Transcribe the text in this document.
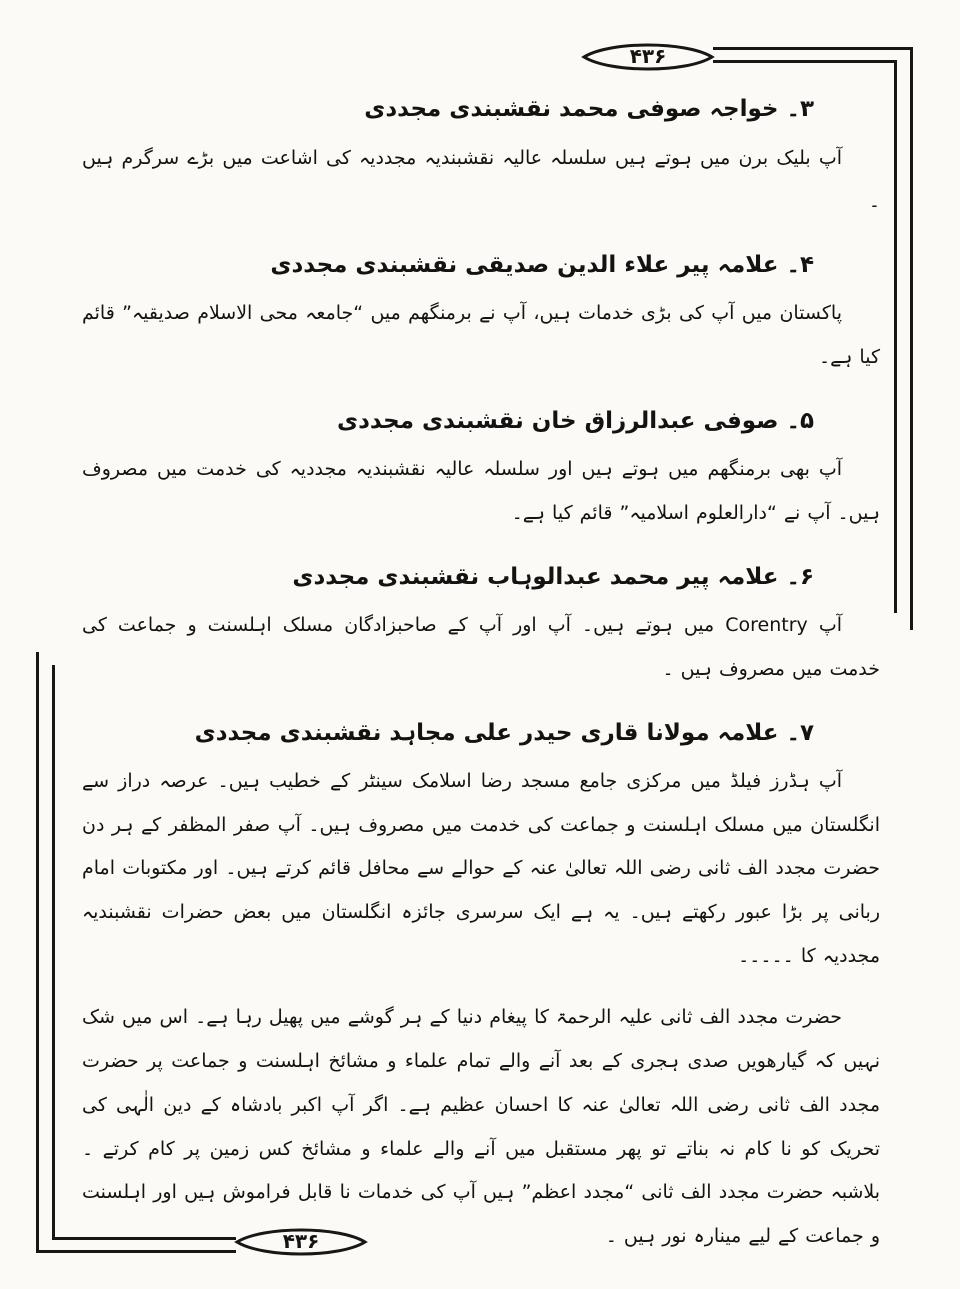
۴۳۶
۴۳۶
۳۔ خواجہ صوفی محمد نقشبندی مجددی

آپ بلیک برن میں ہوتے ہیں سلسلہ عالیہ نقشبندیہ مجددیہ کی اشاعت میں بڑے سرگرم ہیں ۔

۴۔ علامہ پیر علاء الدین صدیقی نقشبندی مجددی

پاکستان میں آپ کی بڑی خدمات ہیں، آپ نے برمنگھم میں “جامعہ محی الاسلام صدیقیہ” قائم کیا ہے۔

۵۔ صوفی عبدالرزاق خان نقشبندی مجددی

آپ بھی برمنگھم میں ہوتے ہیں اور سلسلہ عالیہ نقشبندیہ مجددیہ کی خدمت میں مصروف ہیں۔ آپ نے “دارالعلوم اسلامیہ” قائم کیا ہے۔

۶۔ علامہ پیر محمد عبدالوہاب نقشبندی مجددی

آپ Corentry میں ہوتے ہیں۔ آپ اور آپ کے صاحبزادگان مسلک اہلسنت و جماعت کی خدمت میں مصروف ہیں ۔

۷۔ علامہ مولانا قاری حیدر علی مجاہد نقشبندی مجددی

آپ ہڈرز فیلڈ میں مرکزی جامع مسجد رضا اسلامک سینٹر کے خطیب ہیں۔ عرصہ دراز سے انگلستان میں مسلک اہلسنت و جماعت کی خدمت میں مصروف ہیں۔ آپ صفر المظفر کے ہر دن حضرت مجدد الف ثانی رضی اللہ تعالیٰ عنہ کے حوالے سے محافل قائم کرتے ہیں۔ اور مکتوبات امام ربانی پر بڑا عبور رکھتے ہیں۔ یہ ہے ایک سرسری جائزہ انگلستان میں بعض حضرات نقشبندیہ مجددیہ کا ۔۔۔۔۔

حضرت مجدد الف ثانی علیہ الرحمۃ کا پیغام دنیا کے ہر گوشے میں پھیل رہا ہے۔ اس میں شک نہیں کہ گیارھویں صدی ہجری کے بعد آنے والے تمام علماء و مشائخ اہلسنت و جماعت پر حضرت مجدد الف ثانی رضی اللہ تعالیٰ عنہ کا احسان عظیم ہے۔ اگر آپ اکبر بادشاہ کے دین الٰہی کی تحریک کو نا کام نہ بناتے تو پھر مستقبل میں آنے والے علماء و مشائخ کس زمین پر کام کرتے ۔ بلاشبہ حضرت مجدد الف ثانی “مجدد اعظم” ہیں آپ کی خدمات نا قابل فراموش ہیں اور اہلسنت و جماعت کے لیے مینارہ نور ہیں ۔
